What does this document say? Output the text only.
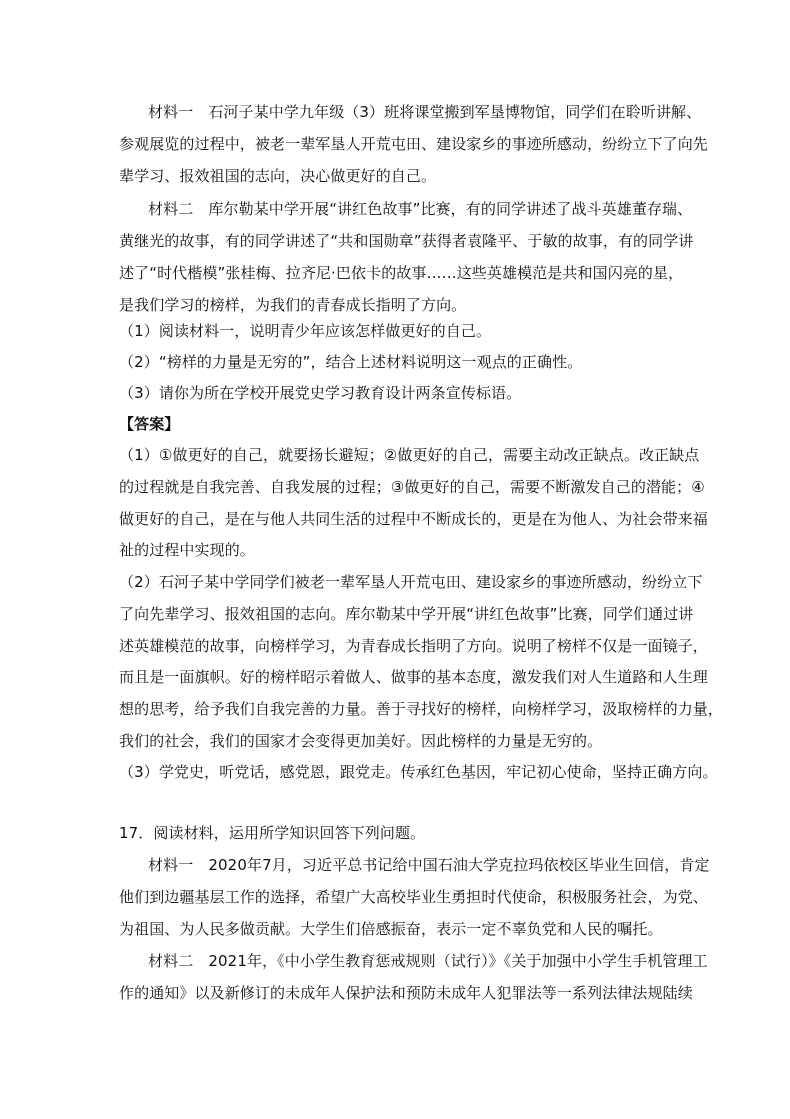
材料一　石河子某中学九年级（3）班将课堂搬到军垦博物馆，同学们在聆听讲解、
参观展览的过程中，被老一辈军垦人开荒屯田、建设家乡的事迹所感动，纷纷立下了向先
辈学习、报效祖国的志向，决心做更好的自己。
材料二　库尔勒某中学开展“讲红色故事”比赛，有的同学讲述了战斗英雄董存瑞、
黄继光的故事，有的同学讲述了“共和国勋章”获得者袁隆平、于敏的故事，有的同学讲
述了“时代楷模”张桂梅、拉齐尼·巴依卡的故事……这些英雄模范是共和国闪亮的星，
是我们学习的榜样，为我们的青春成长指明了方向。
（1）阅读材料一，说明青少年应该怎样做更好的自己。
（2）“榜样的力量是无穷的”，结合上述材料说明这一观点的正确性。
（3）请你为所在学校开展党史学习教育设计两条宣传标语。
【答案】
（1）①做更好的自己，就要扬长避短；②做更好的自己，需要主动改正缺点。改正缺点
的过程就是自我完善、自我发展的过程；③做更好的自己，需要不断激发自己的潜能；④
做更好的自己，是在与他人共同生活的过程中不断成长的，更是在为他人、为社会带来福
祉的过程中实现的。
（2）石河子某中学同学们被老一辈军垦人开荒屯田、建设家乡的事迹所感动，纷纷立下
了向先辈学习、报效祖国的志向。库尔勒某中学开展“讲红色故事”比赛，同学们通过讲
述英雄模范的故事，向榜样学习，为青春成长指明了方向。说明了榜样不仅是一面镜子，
而且是一面旗帜。好的榜样昭示着做人、做事的基本态度，激发我们对人生道路和人生理
想的思考，给予我们自我完善的力量。善于寻找好的榜样，向榜样学习，汲取榜样的力量，
我们的社会，我们的国家才会变得更加美好。因此榜样的力量是无穷的。
（3）学党史，听党话，感党恩，跟党走。传承红色基因，牢记初心使命，坚持正确方向。
17．阅读材料，运用所学知识回答下列问题。
材料一　2020年7月，习近平总书记给中国石油大学克拉玛依校区毕业生回信，肯定
他们到边疆基层工作的选择，希望广大高校毕业生勇担时代使命，积极服务社会，为党、
为祖国、为人民多做贡献。大学生们倍感振奋，表示一定不辜负党和人民的嘱托。
材料二　2021年，《中小学生教育惩戒规则（试行）》《关于加强中小学生手机管理工
作的通知》以及新修订的未成年人保护法和预防未成年人犯罪法等一系列法律法规陆续
